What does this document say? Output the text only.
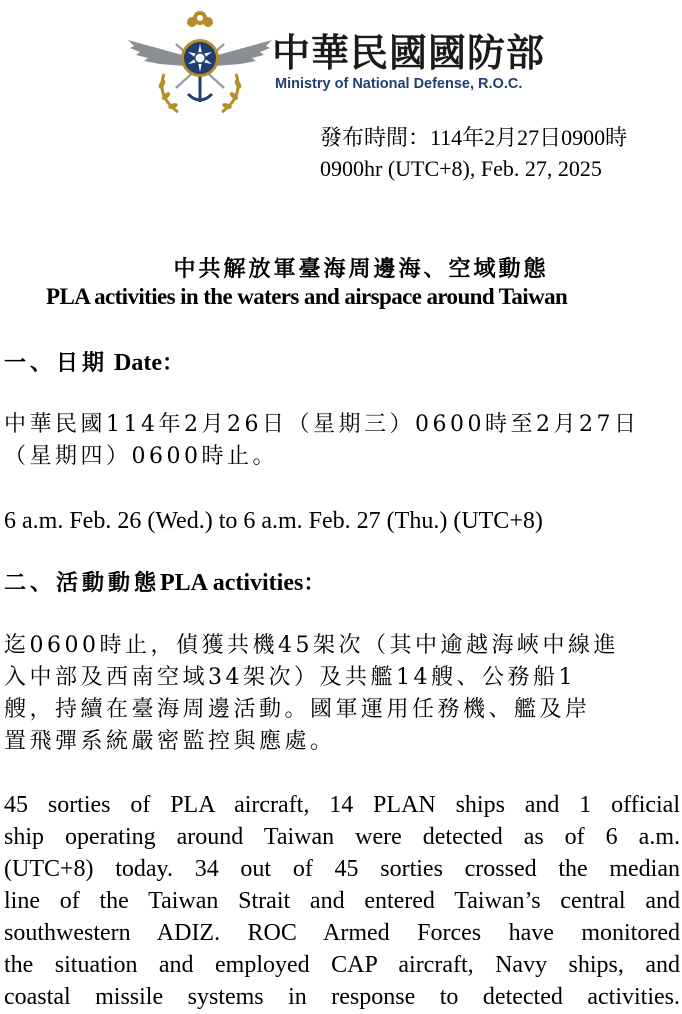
中華民國國防部
Ministry of National Defense, R.O.C.
發布時間：114年2月27日0900時
0900hr (UTC+8), Feb. 27, 2025
中共解放軍臺海周邊海、空域動態
PLA activities in the waters and airspace around Taiwan
一、日期 Date：
中華民國114年2月26日（星期三）0600時至2月27日
（星期四）0600時止。
6 a.m. Feb. 26 (Wed.) to 6 a.m. Feb. 27 (Thu.) (UTC+8)
二、活動動態PLA activities：
迄0600時止，偵獲共機45架次（其中逾越海峽中線進
入中部及西南空域34架次）及共艦14艘、公務船1
艘，持續在臺海周邊活動。國軍運用任務機、艦及岸
置飛彈系統嚴密監控與應處。
45 sorties of PLA aircraft, 14 PLAN ships and 1 official
ship operating around Taiwan were detected as of 6 a.m.
(UTC+8) today. 34 out of 45 sorties crossed the median
line of the Taiwan Strait and entered Taiwan’s central and
southwestern ADIZ. ROC Armed Forces have monitored
the situation and employed CAP aircraft, Navy ships, and
coastal missile systems in response to detected activities.
